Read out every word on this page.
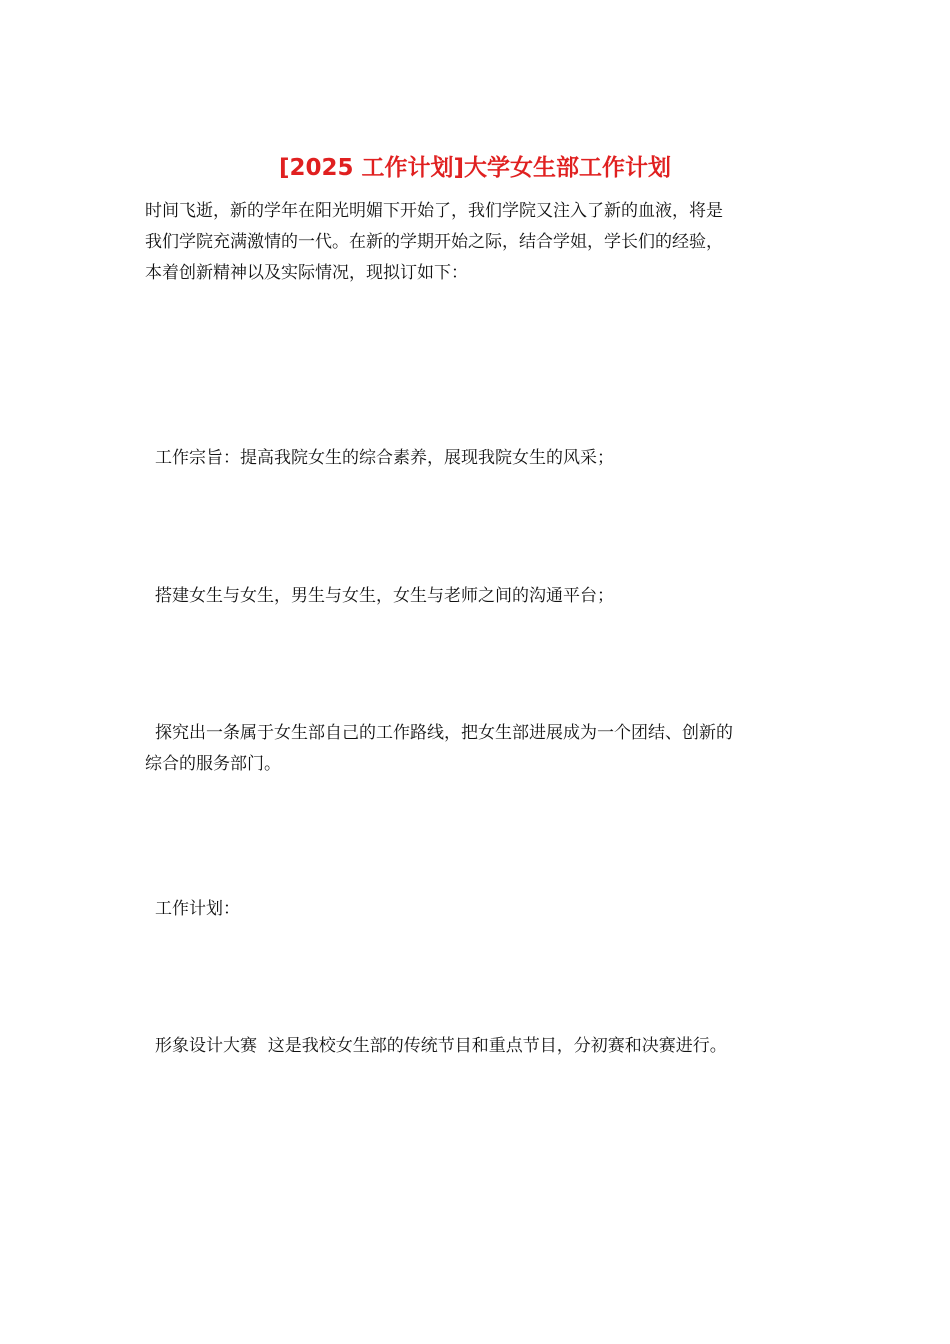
[2025 工作计划]大学女生部工作计划

时间飞逝，新的学年在阳光明媚下开始了，我们学院又注入了新的血液，将是
我们学院充满激情的一代。在新的学期开始之际，结合学姐，学长们的经验，
本着创新精神以及实际情况，现拟订如下：

工作宗旨：提高我院女生的综合素养，展现我院女生的风采；

搭建女生与女生，男生与女生，女生与老师之间的沟通平台；

探究出一条属于女生部自己的工作路线，把女生部进展成为一个团结、创新的
综合的服务部门。

工作计划：

形象设计大赛  这是我校女生部的传统节目和重点节目，分初赛和决赛进行。
